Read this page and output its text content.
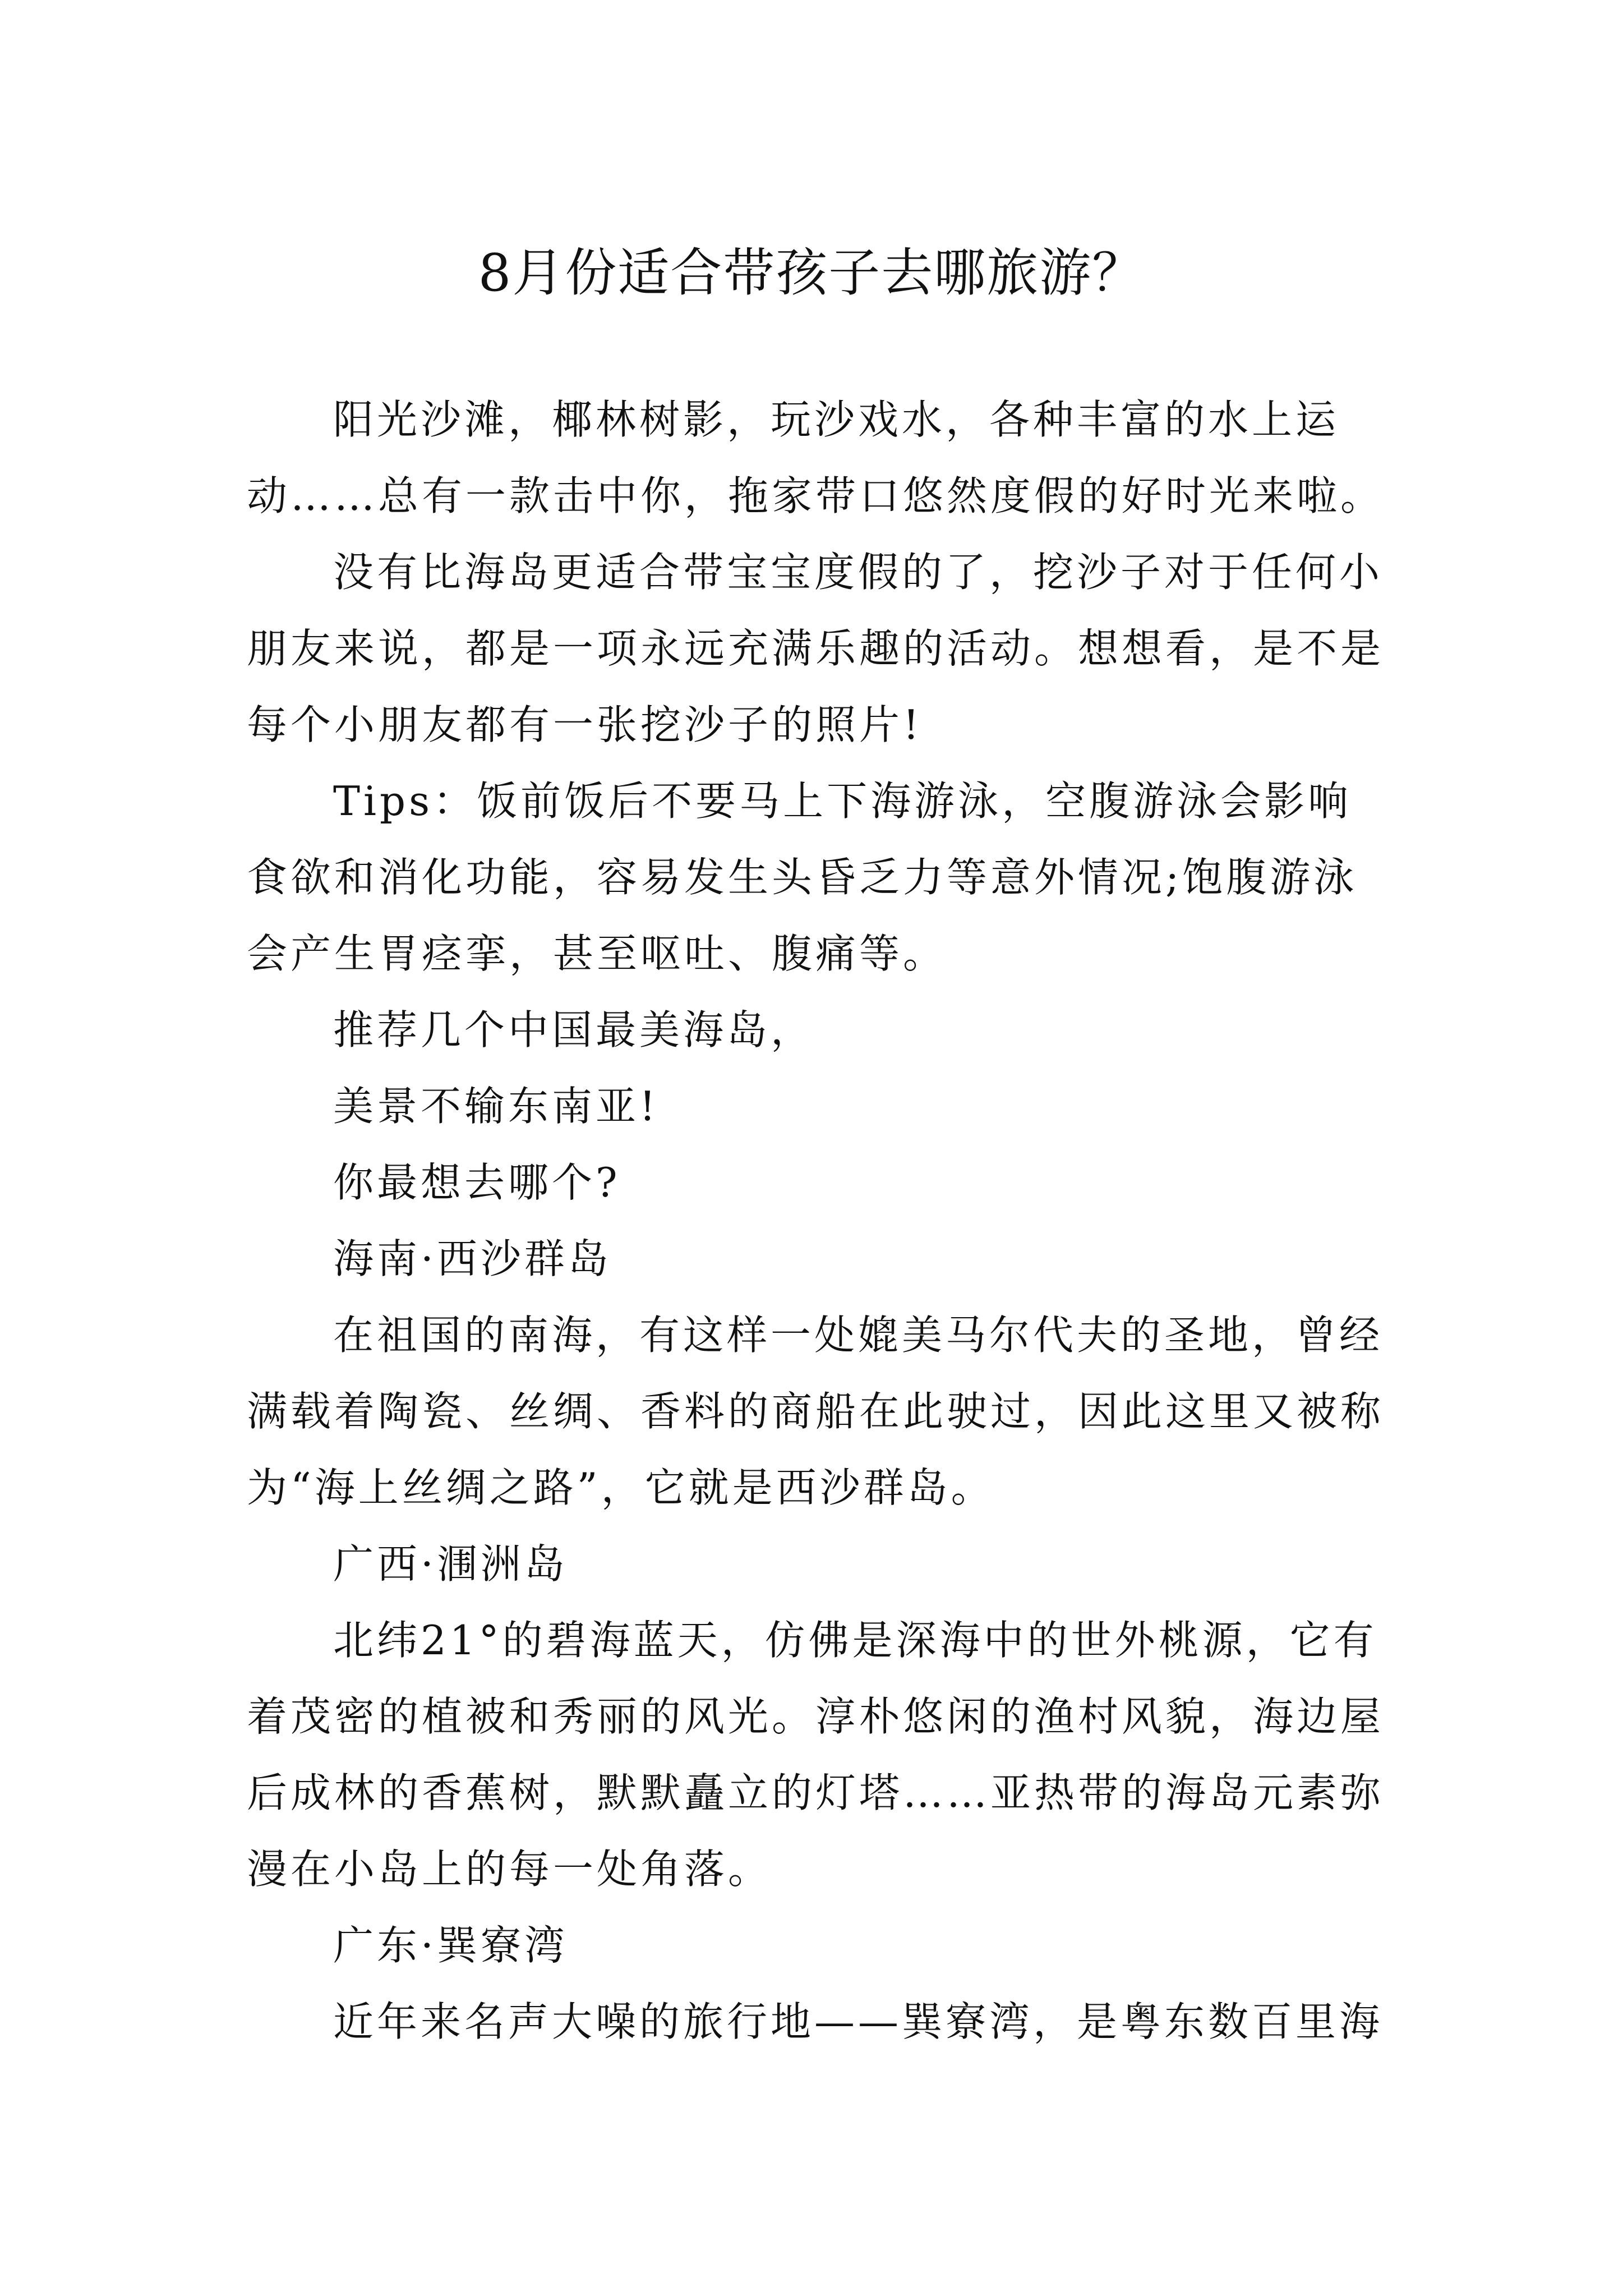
8月份适合带孩子去哪旅游？

阳光沙滩，椰林树影，玩沙戏水，各种丰富的水上运动……总有一款击中你，拖家带口悠然度假的好时光来啦。

没有比海岛更适合带宝宝度假的了，挖沙子对于任何小朋友来说，都是一项永远充满乐趣的活动。想想看，是不是每个小朋友都有一张挖沙子的照片!

Tips：饭前饭后不要马上下海游泳，空腹游泳会影响食欲和消化功能，容易发生头昏乏力等意外情况;饱腹游泳会产生胃痉挛，甚至呕吐、腹痛等。

推荐几个中国最美海岛，

美景不输东南亚!

你最想去哪个?

海南·西沙群岛

在祖国的南海，有这样一处媲美马尔代夫的圣地，曾经满载着陶瓷、丝绸、香料的商船在此驶过，因此这里又被称为“海上丝绸之路”，它就是西沙群岛。

广西·涠洲岛

北纬21°的碧海蓝天，仿佛是深海中的世外桃源，它有着茂密的植被和秀丽的风光。淳朴悠闲的渔村风貌，海边屋后成林的香蕉树，默默矗立的灯塔……亚热带的海岛元素弥漫在小岛上的每一处角落。

广东·巽寮湾

近年来名声大噪的旅行地——巽寮湾，是粤东数百里海
